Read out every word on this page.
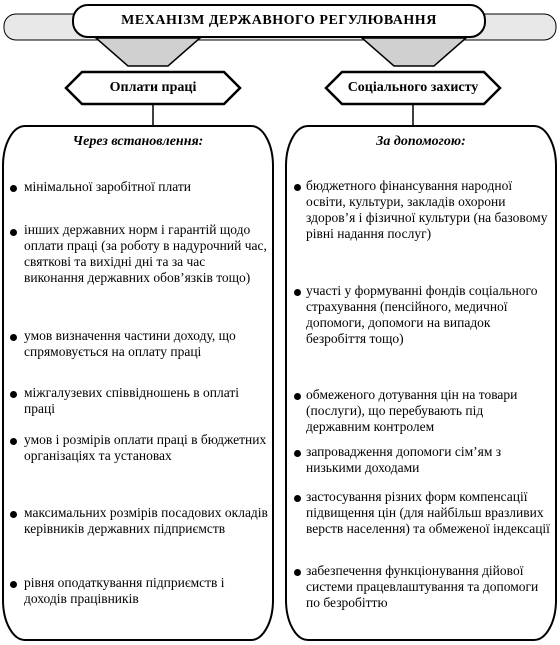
МЕХАНІЗМ ДЕРЖАВНОГО РЕГУЛЮВАННЯ
Оплати праці	Соціального захисту
Через встановлення:	За допомогою:
мінімальної заробітної плати
інших державних норм і гарантій щодо оплати праці (за роботу в надурочний час, святкові та вихідні дні та за час виконання державних обов’язків тощо)
умов визначення частини доходу, що спрямовується на оплату праці
міжгалузевих співвідношень в оплаті праці
умов і розмірів оплати праці в бюджетних організаціях та установах
максимальних розмірів посадових окладів керівників державних підприємств
рівня оподаткування підприємств і доходів працівників
бюджетного фінансування народної освіти, культури, закладів охорони здоров’я і фізичної культури (на базовому рівні надання послуг)
участі у формуванні фондів соціального страхування (пенсійного, медичної допомоги, допомоги на випадок безробіття тощо)
обмеженого дотування цін на товари (послуги), що перебувають під державним контролем
запровадження допомоги сім’ям з низькими доходами
застосування різних форм компенсації підвищення цін (для найбільш вразливих верств населення) та обмеженої індексації
забезпечення функціонування дійової системи працевлаштування та допомоги по безробіттю
